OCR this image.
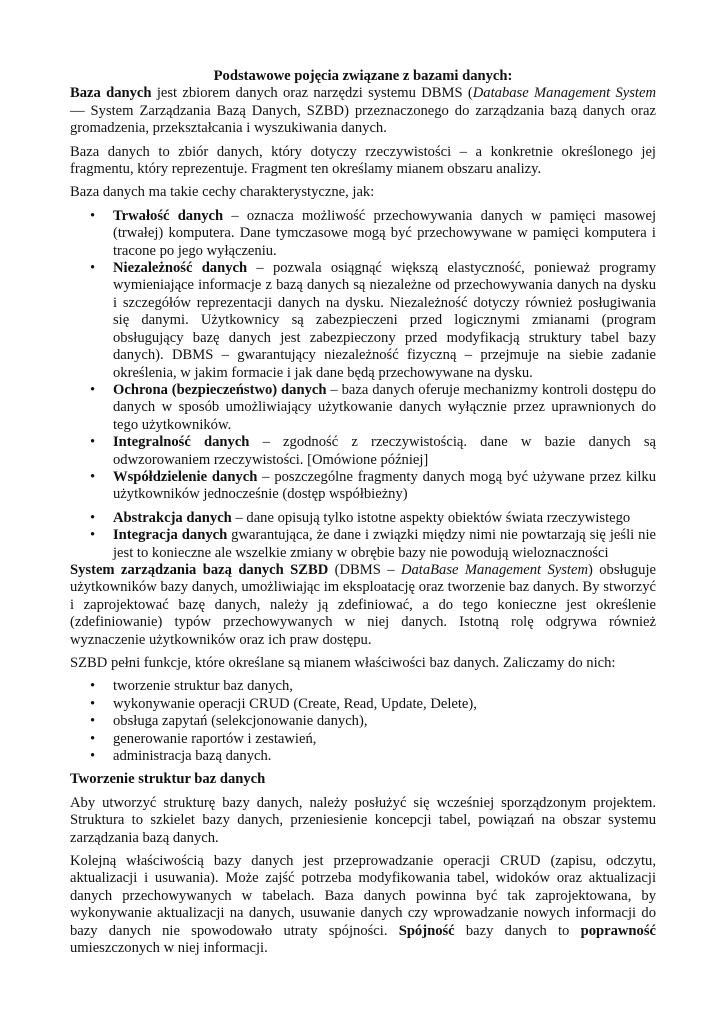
Podstawowe pojęcia związane z bazami danych:

Baza danych jest zbiorem danych oraz narzędzi systemu DBMS (Database Management System — System Zarządzania Bazą Danych, SZBD) przeznaczonego do zarządzania bazą danych oraz gromadzenia, przekształcania i wyszukiwania danych.

Baza danych to zbiór danych, który dotyczy rzeczywistości – a konkretnie określonego jej fragmentu, który reprezentuje. Fragment ten określamy mianem obszaru analizy.

Baza danych ma takie cechy charakterystyczne, jak:

• Trwałość danych – oznacza możliwość przechowywania danych w pamięci masowej (trwałej) komputera. Dane tymczasowe mogą być przechowywane w pamięci komputera i tracone po jego wyłączeniu.
• Niezależność danych – pozwala osiągnąć większą elastyczność, ponieważ programy wymieniające informacje z bazą danych są niezależne od przechowywania danych na dysku i szczegółów reprezentacji danych na dysku. Niezależność dotyczy również posługiwania się danymi. Użytkownicy są zabezpieczeni przed logicznymi zmianami (program obsługujący bazę danych jest zabezpieczony przed modyfikacją struktury tabel bazy danych). DBMS – gwarantujący niezależność fizyczną – przejmuje na siebie zadanie określenia, w jakim formacie i jak dane będą przechowywane na dysku.
• Ochrona (bezpieczeństwo) danych – baza danych oferuje mechanizmy kontroli dostępu do danych w sposób umożliwiający użytkowanie danych wyłącznie przez uprawnionych do tego użytkowników.
• Integralność danych – zgodność z rzeczywistością. dane w bazie danych są odwzorowaniem rzeczywistości. [Omówione później]
• Współdzielenie danych – poszczególne fragmenty danych mogą być używane przez kilku użytkowników jednocześnie (dostęp współbieżny)
• Abstrakcja danych – dane opisują tylko istotne aspekty obiektów świata rzeczywistego
• Integracja danych gwarantująca, że dane i związki między nimi nie powtarzają się jeśli nie jest to konieczne ale wszelkie zmiany w obrębie bazy nie powodują wieloznaczności

System zarządzania bazą danych SZBD (DBMS – DataBase Management System) obsługuje użytkowników bazy danych, umożliwiając im eksploatację oraz tworzenie baz danych. By stworzyć i zaprojektować bazę danych, należy ją zdefiniować, a do tego konieczne jest określenie (zdefiniowanie) typów przechowywanych w niej danych. Istotną rolę odgrywa również wyznaczenie użytkowników oraz ich praw dostępu.

SZBD pełni funkcje, które określane są mianem właściwości baz danych. Zaliczamy do nich:

• tworzenie struktur baz danych,
• wykonywanie operacji CRUD (Create, Read, Update, Delete),
• obsługa zapytań (selekcjonowanie danych),
• generowanie raportów i zestawień,
• administracja bazą danych.
Tworzenie struktur baz danych

Aby utworzyć strukturę bazy danych, należy posłużyć się wcześniej sporządzonym projektem. Struktura to szkielet bazy danych, przeniesienie koncepcji tabel, powiązań na obszar systemu zarządzania bazą danych.

Kolejną właściwością bazy danych jest przeprowadzanie operacji CRUD (zapisu, odczytu, aktualizacji i usuwania). Może zajść potrzeba modyfikowania tabel, widoków oraz aktualizacji danych przechowywanych w tabelach. Baza danych powinna być tak zaprojektowana, by wykonywanie aktualizacji na danych, usuwanie danych czy wprowadzanie nowych informacji do bazy danych nie spowodowało utraty spójności. Spójność bazy danych to poprawność umieszczonych w niej informacji.
